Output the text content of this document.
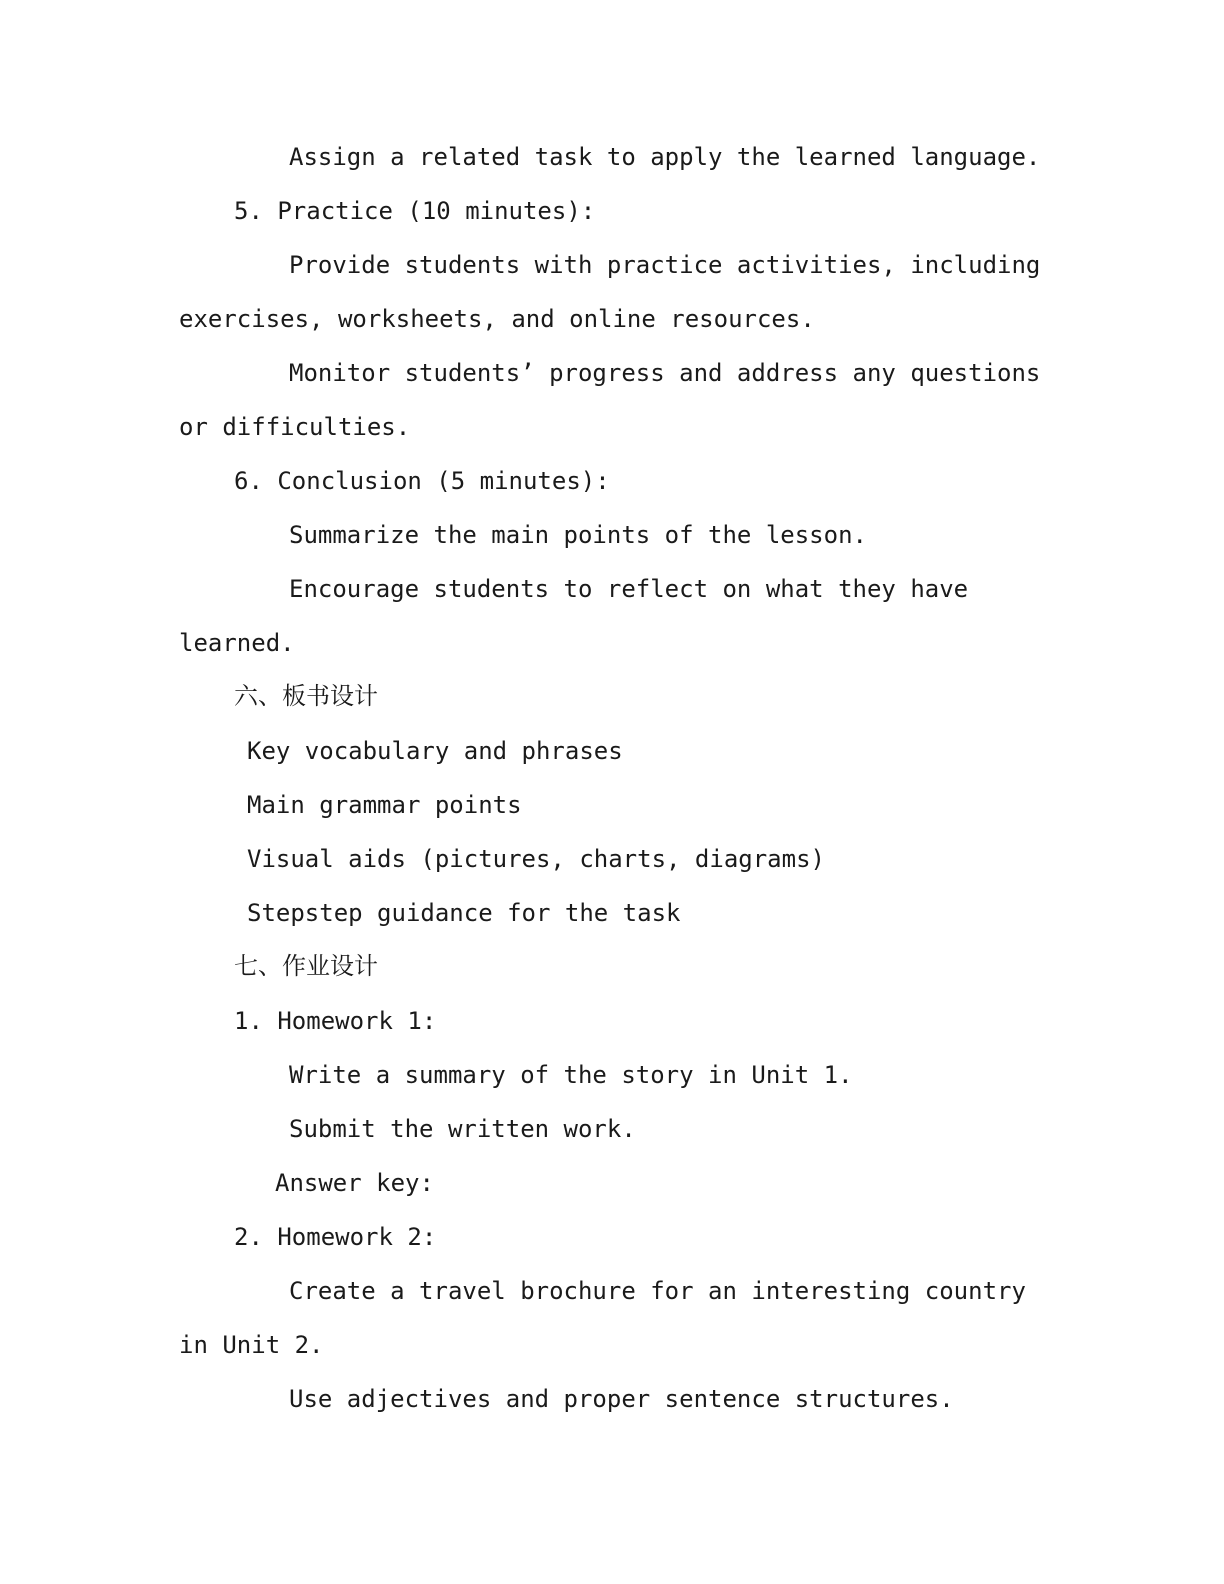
Assign a related task to apply the learned language.
5. Practice (10 minutes):
Provide students with practice activities, including
exercises, worksheets, and online resources.
Monitor students’ progress and address any questions
or difficulties.
6. Conclusion (5 minutes):
Summarize the main points of the lesson.
Encourage students to reflect on what they have
learned.
六、板书设计
Key vocabulary and phrases
Main grammar points
Visual aids (pictures, charts, diagrams)
Stepstep guidance for the task
七、作业设计
1. Homework 1:
Write a summary of the story in Unit 1.
Submit the written work.
Answer key:
2. Homework 2:
Create a travel brochure for an interesting country
in Unit 2.
Use adjectives and proper sentence structures.
